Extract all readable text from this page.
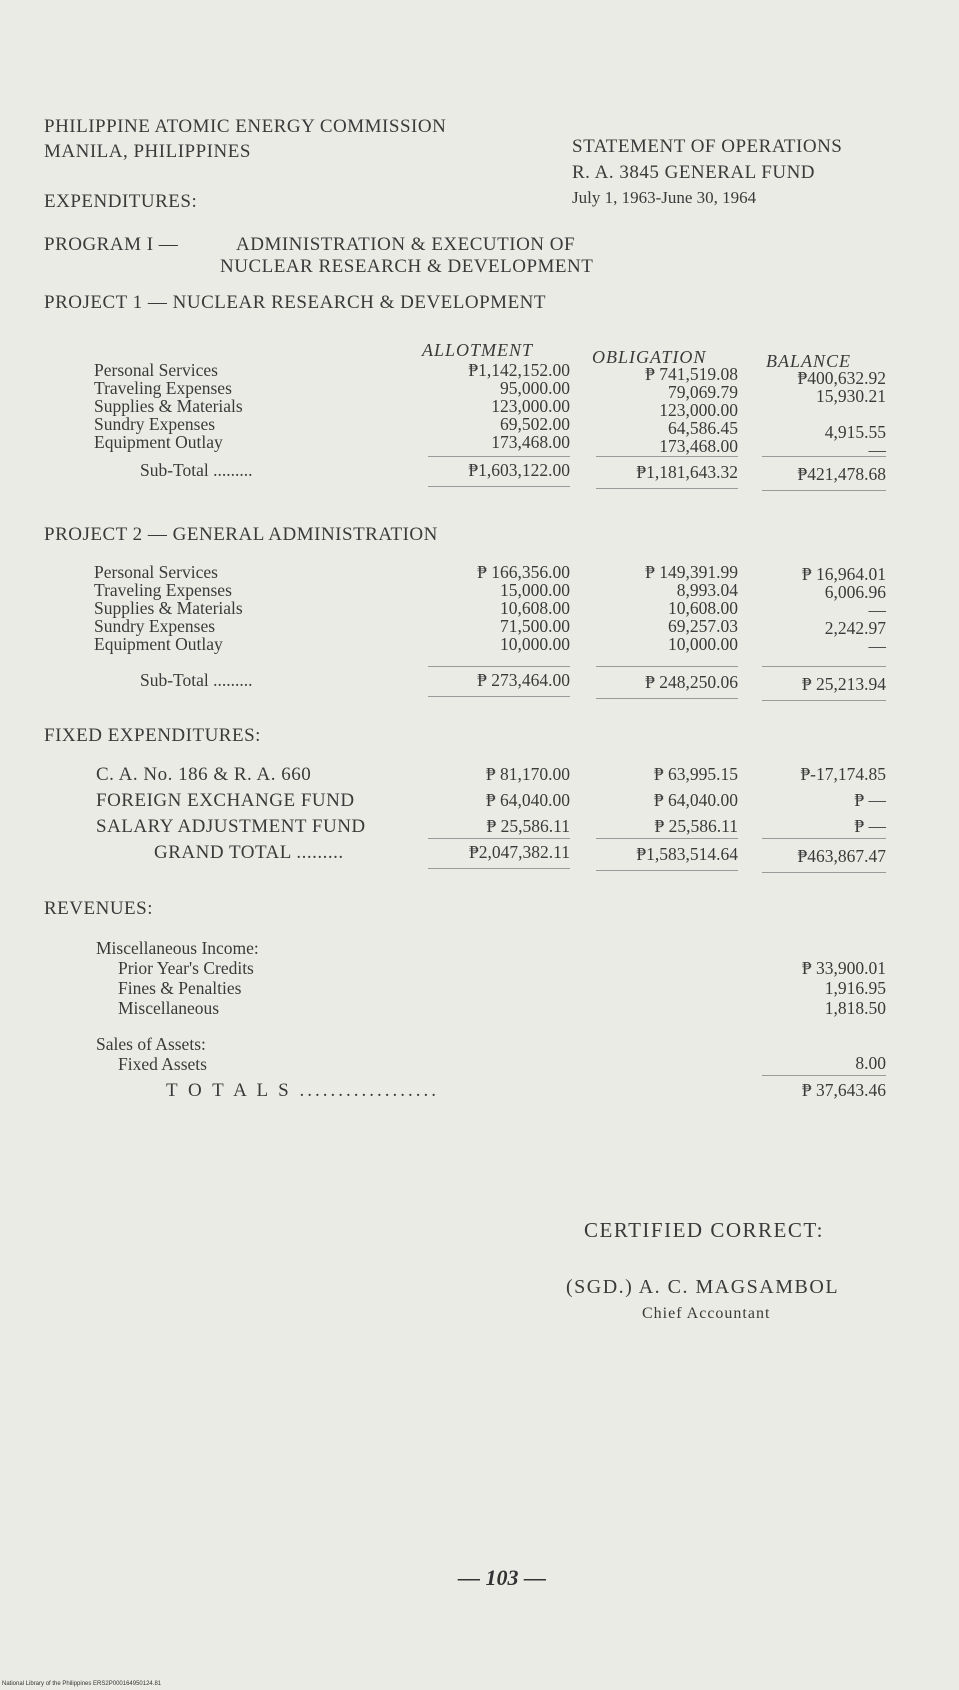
PHILIPPINE ATOMIC ENERGY COMMISSION
MANILA, PHILIPPINES	STATEMENT OF OPERATIONS
R. A. 3845 GENERAL FUND
July 1, 1963-June 30, 1964
EXPENDITURES:
PROGRAM I —	ADMINISTRATION & EXECUTION OF
NUCLEAR RESEARCH & DEVELOPMENT
PROJECT 1 — NUCLEAR RESEARCH & DEVELOPMENT
ALLOTMENT	OBLIGATION	BALANCE
Personal Services	₱1,142,152.00	₱ 741,519.08	₱400,632.92
Traveling Expenses	95,000.00	79,069.79	15,930.21
Supplies & Materials	123,000.00	123,000.00
Sundry Expenses	69,502.00	64,586.45	4,915.55
Equipment Outlay	173,468.00	173,468.00	—
Sub-Total .........	₱1,603,122.00	₱1,181,643.32	₱421,478.68
PROJECT 2 — GENERAL ADMINISTRATION
Personal Services	₱ 166,356.00	₱ 149,391.99	₱ 16,964.01
Traveling Expenses	15,000.00	8,993.04	6,006.96
Supplies & Materials	10,608.00	10,608.00	—
Sundry Expenses	71,500.00	69,257.03	2,242.97
Equipment Outlay	10,000.00	10,000.00	—
Sub-Total .........	₱ 273,464.00	₱ 248,250.06	₱ 25,213.94
FIXED EXPENDITURES:
C. A. No. 186 & R. A. 660	₱ 81,170.00	₱ 63,995.15	₱-17,174.85
FOREIGN EXCHANGE FUND	₱ 64,040.00	₱ 64,040.00	₱ —
SALARY ADJUSTMENT FUND	₱ 25,586.11	₱ 25,586.11	₱ —
GRAND TOTAL .........	₱2,047,382.11	₱1,583,514.64	₱463,867.47
REVENUES:
Miscellaneous Income:
Prior Year's Credits	₱ 33,900.01
Fines & Penalties	1,916.95
Miscellaneous	1,818.50
Fixed Assets	8.00
T O T A L S ..................	₱ 37,643.46
Sales of Assets:
CERTIFIED CORRECT:
(SGD.) A. C. MAGSAMBOL
Chief Accountant
— 103 —
National Library of the Philippines ERS2P000164950124.81
